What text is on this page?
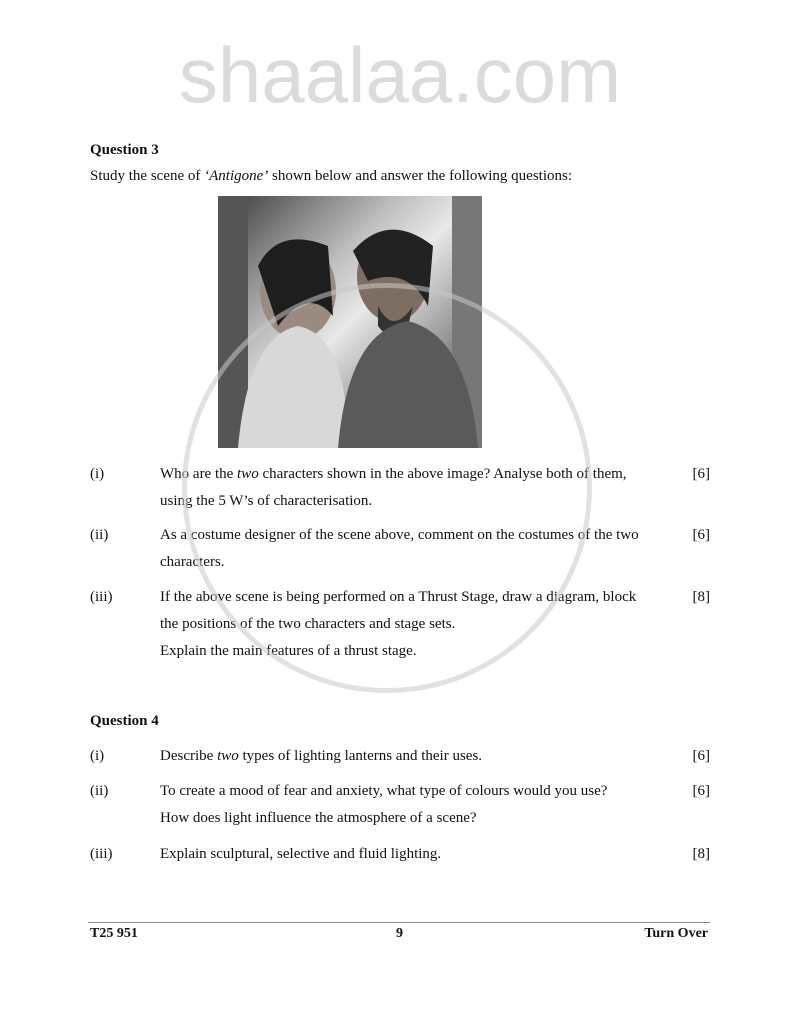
shaalaa.com
Question 3
Study the scene of ‘Antigone’ shown below and answer the following questions:
(i)	Who are the two characters shown in the above image? Analyse both of them,
using the 5 W’s of characterisation.
[6]
(ii)	As a costume designer of the scene above, comment on the costumes of the two
characters.
[6]
(iii)	If the above scene is being performed on a Thrust Stage, draw a diagram, block
the positions of the two characters and stage sets.
Explain the main features of a thrust stage.
[8]
Question 4
(i)	Describe two types of lighting lanterns and their uses.	[6]
(ii)	To create a mood of fear and anxiety, what type of colours would you use?
How does light influence the atmosphere of a scene?
[6]
(iii)	Explain sculptural, selective and fluid lighting.	[8]
T25 951	9	Turn Over
